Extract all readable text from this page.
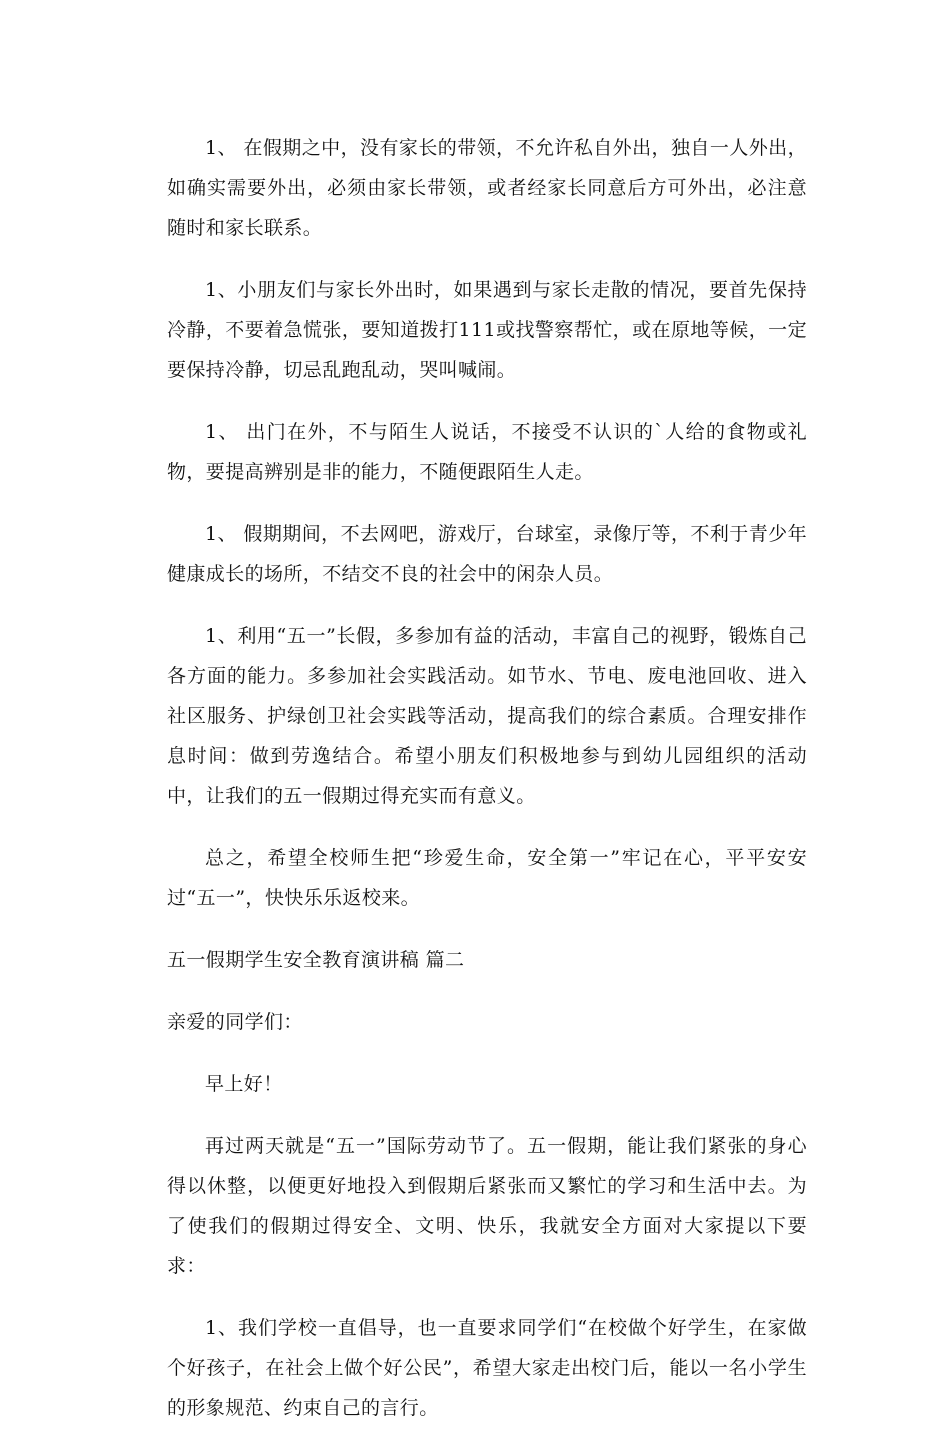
1、 在假期之中，没有家长的带领，不允许私自外出，独自一人外出，如确实需要外出，必须由家长带领，或者经家长同意后方可外出，必注意随时和家长联系。

1、小朋友们与家长外出时，如果遇到与家长走散的情况，要首先保持冷静，不要着急慌张，要知道拨打111或找警察帮忙，或在原地等候，一定要保持冷静，切忌乱跑乱动，哭叫喊闹。

1、 出门在外，不与陌生人说话，不接受不认识的`人给的食物或礼物，要提高辨别是非的能力，不随便跟陌生人走。

1、 假期期间，不去网吧，游戏厅，台球室，录像厅等，不利于青少年健康成长的场所，不结交不良的社会中的闲杂人员。

1、利用“五一”长假，多参加有益的活动，丰富自己的视野，锻炼自己各方面的能力。多参加社会实践活动。如节水、节电、废电池回收、进入社区服务、护绿创卫社会实践等活动，提高我们的综合素质。合理安排作息时间：做到劳逸结合。希望小朋友们积极地参与到幼儿园组织的活动中，让我们的五一假期过得充实而有意义。

总之，希望全校师生把“珍爱生命，安全第一”牢记在心，平平安安过“五一”，快快乐乐返校来。

五一假期学生安全教育演讲稿 篇二

亲爱的同学们：

早上好！

再过两天就是“五一”国际劳动节了。五一假期，能让我们紧张的身心得以休整，以便更好地投入到假期后紧张而又繁忙的学习和生活中去。为了使我们的假期过得安全、文明、快乐，我就安全方面对大家提以下要求：

1、我们学校一直倡导，也一直要求同学们“在校做个好学生，在家做个好孩子，在社会上做个好公民”，希望大家走出校门后，能以一名小学生的形象规范、约束自己的言行。
